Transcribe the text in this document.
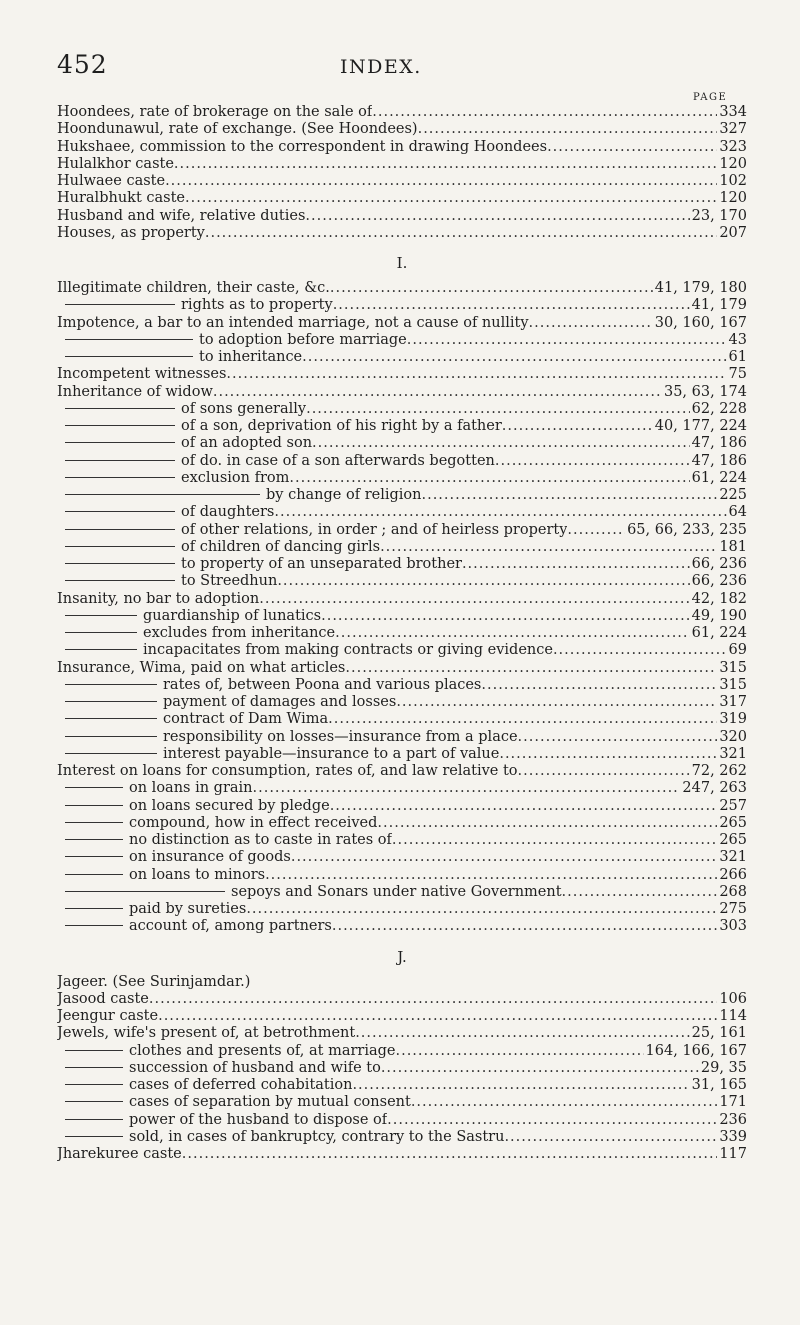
452	INDEX.
PAGE
Hoondees, rate of brokerage on the sale of .....	334
Hoondunawul, rate of exchange. (See Hoondees) .....	327
Hukshaee, commission to the correspondent in drawing Hoondees .....	323
Hulalkhor caste .....	120
Hulwaee caste .....	102
Huralbhukt caste .....	120
Husband and wife, relative duties .....	23, 170
Houses, as property .....	207
I.
Illegitimate children, their caste, &c. .....	41, 179, 180
rights as to property .....	41, 179
Impotence, a bar to an intended marriage, not a cause of nullity .....	30, 160, 167
to adoption before marriage .....	43
to inheritance .....	61
Incompetent witnesses .....	75
Inheritance of widow .....	35, 63, 174
of sons generally .....	62, 228
of a son, deprivation of his right by a father .....	40, 177, 224
of an adopted son .....	47, 186
of do. in case of a son afterwards begotten .....	47, 186
exclusion from .....	61, 224
by change of religion .....	225
of daughters .....	64
of other relations, in order ; and of heirless property .....	65, 66, 233, 235
of children of dancing girls .....	181
to property of an unseparated brother .....	66, 236
to Streedhun .....	66, 236
Insanity, no bar to adoption .....	42, 182
guardianship of lunatics .....	49, 190
excludes from inheritance .....	61, 224
incapacitates from making contracts or giving evidence .....	69
Insurance, Wima, paid on what articles .....	315
rates of, between Poona and various places .....	315
payment of damages and losses .....	317
contract of Dam Wima .....	319
responsibility on losses—insurance from a place .....	320
interest payable—insurance to a part of value .....	321
Interest on loans for consumption, rates of, and law relative to .....	72, 262
on loans in grain .....	247, 263
on loans secured by pledge .....	257
compound, how in effect received .....	265
no distinction as to caste in rates of .....	265
on insurance of goods .....	321
on loans to minors .....	266
sepoys and Sonars under native Government .....	268
paid by sureties .....	275
account of, among partners .....	303
J.
Jageer. (See Surinjamdar.)
Jasood caste .....	106
Jeengur caste .....	114
Jewels, wife's present of, at betrothment .....	25, 161
clothes and presents of, at marriage .....	164, 166, 167
succession of husband and wife to .....	29, 35
cases of deferred cohabitation .....	31, 165
cases of separation by mutual consent .....	171
power of the husband to dispose of .....	236
sold, in cases of bankruptcy, contrary to the Sastru .....	339
Jharekuree caste .....	117
